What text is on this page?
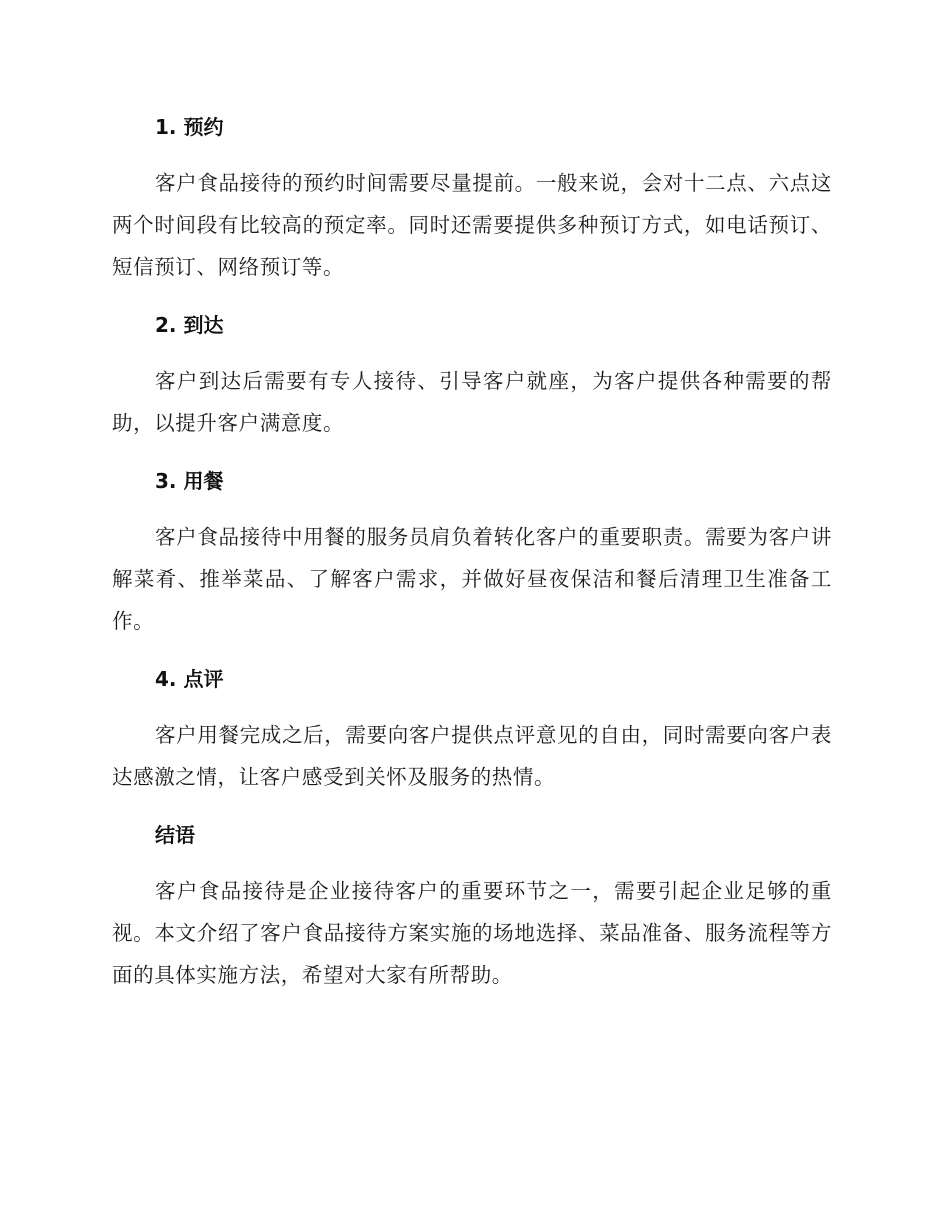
1. 预约

客户食品接待的预约时间需要尽量提前。一般来说，会对十二点、六点这两个时间段有比较高的预定率。同时还需要提供多种预订方式，如电话预订、短信预订、网络预订等。

2. 到达

客户到达后需要有专人接待、引导客户就座，为客户提供各种需要的帮助，以提升客户满意度。

3. 用餐

客户食品接待中用餐的服务员肩负着转化客户的重要职责。需要为客户讲解菜肴、推举菜品、了解客户需求，并做好昼夜保洁和餐后清理卫生准备工作。

4. 点评

客户用餐完成之后，需要向客户提供点评意见的自由，同时需要向客户表达感激之情，让客户感受到关怀及服务的热情。

结语

客户食品接待是企业接待客户的重要环节之一，需要引起企业足够的重视。本文介绍了客户食品接待方案实施的场地选择、菜品准备、服务流程等方面的具体实施方法，希望对大家有所帮助。
